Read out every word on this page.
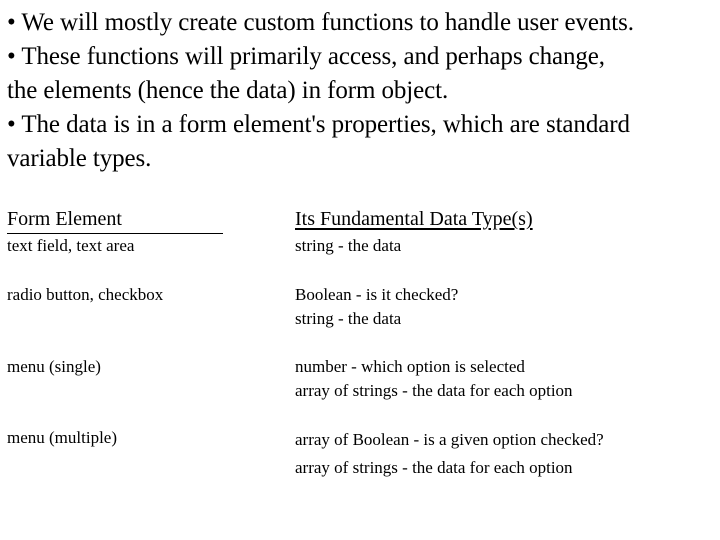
• We will mostly create custom functions to handle user events.
• These functions will primarily access, and perhaps change,
the elements (hence the data) in form object.
• The data is in a form element's properties, which are standard
variable types.
Form Element	Its Fundamental Data Type(s)
text field, text area	string - the data
radio button, checkbox	Boolean - is it checked?
string - the data
menu (single)	number - which option is selected
array of strings - the data for each option
menu (multiple)	array of Boolean - is a given option checked?
array of strings - the data for each option
